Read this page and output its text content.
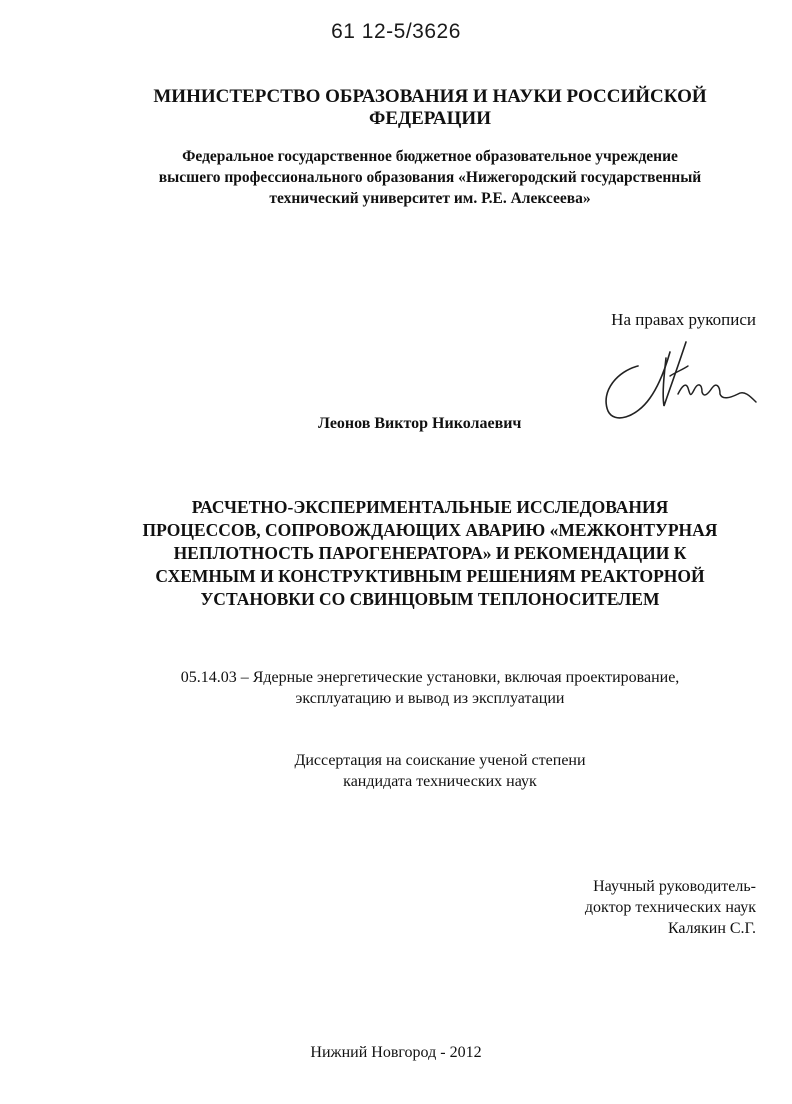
61 12-5/3626
МИНИСТЕРСТВО ОБРАЗОВАНИЯ И НАУКИ РОССИЙСКОЙ
ФЕДЕРАЦИИ
Федеральное государственное бюджетное образовательное учреждение
высшего профессионального образования «Нижегородский государственный
технический университет им. Р.Е. Алексеева»
На правах рукописи
Леонов Виктор Николаевич
РАСЧЕТНО-ЭКСПЕРИМЕНТАЛЬНЫЕ ИССЛЕДОВАНИЯ
ПРОЦЕССОВ, СОПРОВОЖДАЮЩИХ АВАРИЮ «МЕЖКОНТУРНАЯ
НЕПЛОТНОСТЬ ПАРОГЕНЕРАТОРА» И РЕКОМЕНДАЦИИ К
СХЕМНЫМ И КОНСТРУКТИВНЫМ РЕШЕНИЯМ РЕАКТОРНОЙ
УСТАНОВКИ СО СВИНЦОВЫМ ТЕПЛОНОСИТЕЛЕМ
05.14.03 – Ядерные энергетические установки, включая проектирование,
эксплуатацию и вывод из эксплуатации
Диссертация на соискание ученой степени
кандидата технических наук
Научный руководитель-
доктор технических наук
Калякин С.Г.
Нижний Новгород - 2012
